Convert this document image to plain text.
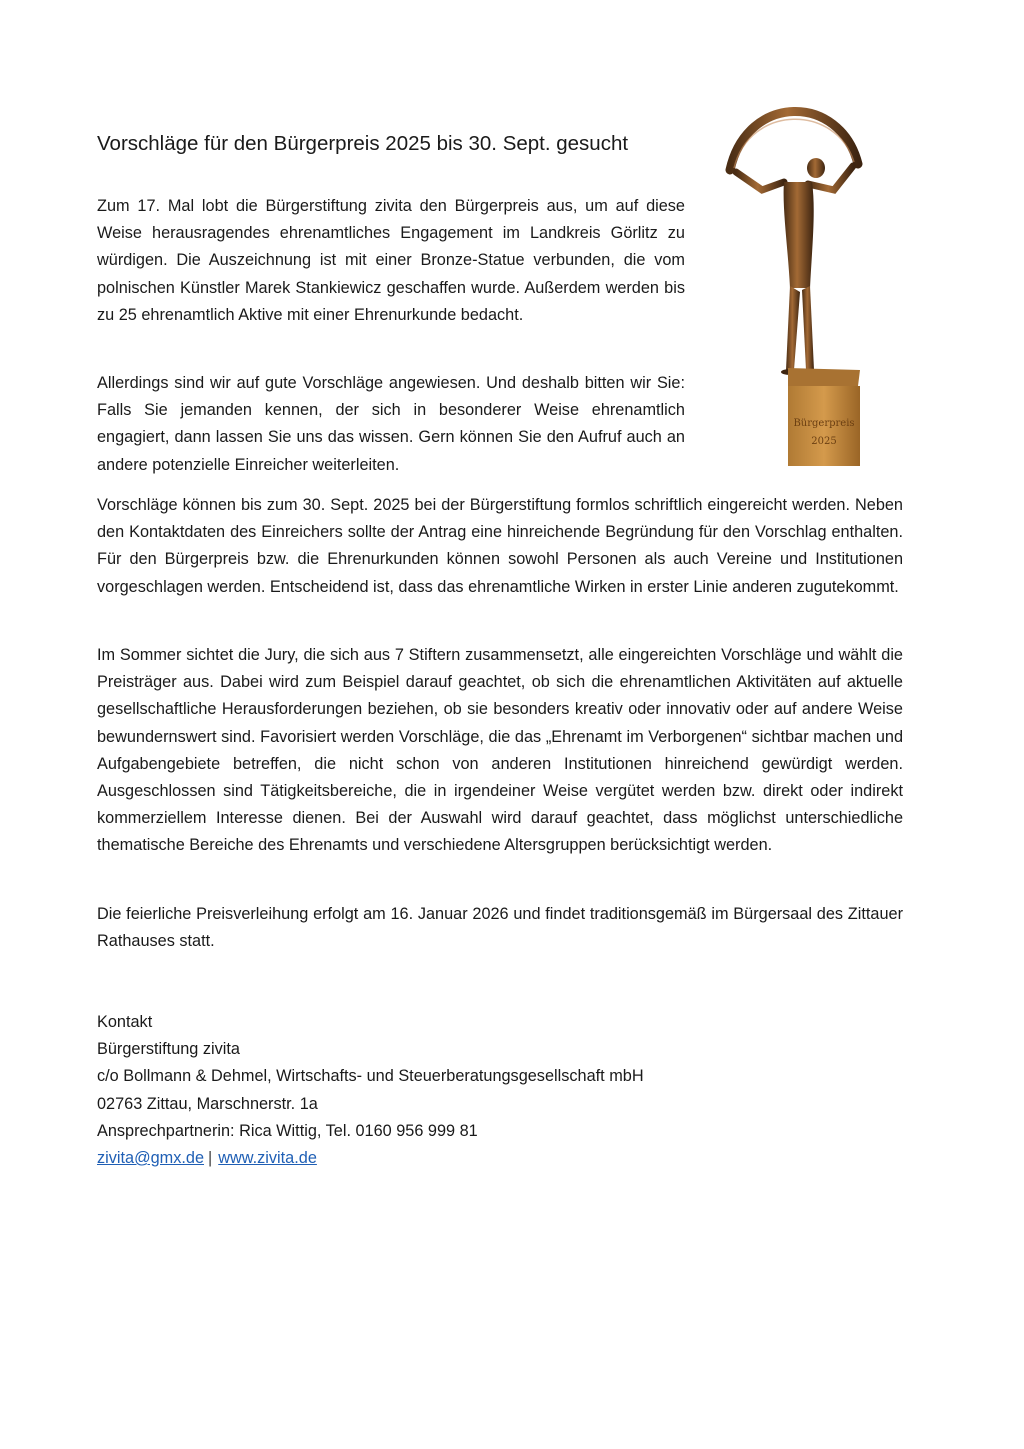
Vorschläge für den Bürgerpreis 2025 bis 30. Sept. gesucht

Zum 17. Mal lobt die Bürgerstiftung zivita den Bürgerpreis aus, um auf diese Weise herausragendes ehrenamtliches Engagement im Landkreis Görlitz zu würdigen. Die Auszeichnung ist mit einer Bronze-Statue verbunden, die vom polnischen Künstler Marek Stankiewicz geschaffen wurde. Außerdem werden bis zu 25 ehrenamtlich Aktive mit einer Ehrenurkunde bedacht.

Allerdings sind wir auf gute Vorschläge angewiesen. Und deshalb bitten wir Sie: Falls Sie jemanden kennen, der sich in besonderer Weise ehrenamtlich engagiert, dann lassen Sie uns das wissen. Gern können Sie den Aufruf auch an andere potenzielle Einreicher weiterleiten.

Vorschläge können bis zum 30. Sept. 2025 bei der Bürgerstiftung formlos schriftlich eingereicht werden. Neben den Kontaktdaten des Einreichers sollte der Antrag eine hinreichende Begründung für den Vorschlag enthalten. Für den Bürgerpreis bzw. die Ehrenurkunden können sowohl Personen als auch Vereine und Institutionen vorgeschlagen werden. Entscheidend ist, dass das ehrenamtliche Wirken in erster Linie anderen zugutekommt.

Im Sommer sichtet die Jury, die sich aus 7 Stiftern zusammensetzt, alle eingereichten Vorschläge und wählt die Preisträger aus. Dabei wird zum Beispiel darauf geachtet, ob sich die ehrenamtlichen Aktivitäten auf aktuelle gesellschaftliche Herausforderungen beziehen, ob sie besonders kreativ oder innovativ oder auf andere Weise bewundernswert sind. Favorisiert werden Vorschläge, die das „Ehrenamt im Verborgenen“ sichtbar machen und Aufgabengebiete betreffen, die nicht schon von anderen Institutionen hinreichend gewürdigt werden. Ausgeschlossen sind Tätigkeitsbereiche, die in irgendeiner Weise vergütet werden bzw. direkt oder indirekt kommerziellem Interesse dienen. Bei der Auswahl wird darauf geachtet, dass möglichst unterschiedliche thematische Bereiche des Ehrenamts und verschiedene Altersgruppen berücksichtigt werden.

Die feierliche Preisverleihung erfolgt am 16. Januar 2026 und findet traditionsgemäß im Bürgersaal des Zittauer Rathauses statt.

Bürgerpreis
2025
Kontakt
Bürgerstiftung zivita
c/o Bollmann & Dehmel, Wirtschafts- und Steuerberatungsgesellschaft mbH
02763 Zittau, Marschnerstr. 1a
Ansprechpartnerin: Rica Wittig, Tel. 0160 956 999 81
zivita@gmx.de | www.zivita.de
